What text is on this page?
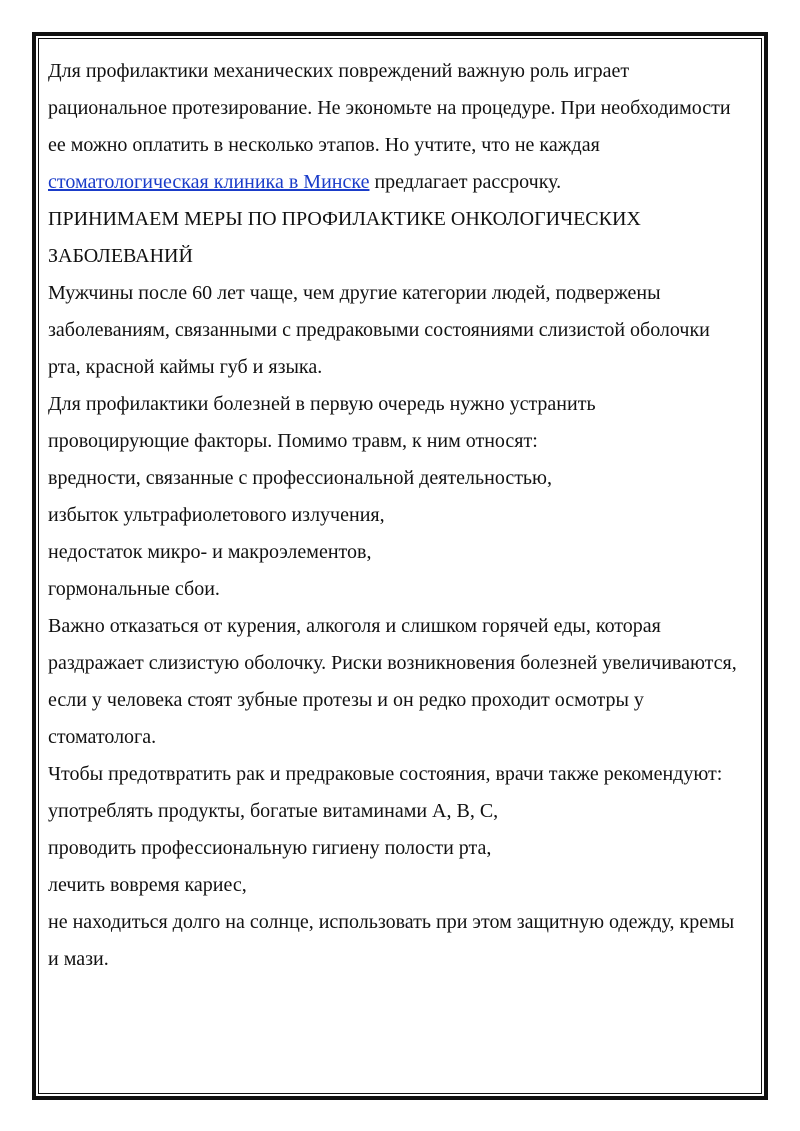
Для профилактики механических повреждений важную роль играет рациональное протезирование. Не экономьте на процедуре. При необходимости ее можно оплатить в несколько этапов. Но учтите, что не каждая стоматологическая клиника в Минске предлагает рассрочку.

ПРИНИМАЕМ МЕРЫ ПО ПРОФИЛАКТИКЕ ОНКОЛОГИЧЕСКИХ ЗАБОЛЕВАНИЙ

Мужчины после 60 лет чаще, чем другие категории людей, подвержены заболеваниям, связанными с предраковыми состояниями слизистой оболочки рта, красной каймы губ и языка.

Для профилактики болезней в первую очередь нужно устранить провоцирующие факторы. Помимо травм, к ним относят:

вредности, связанные с профессиональной деятельностью,

избыток ультрафиолетового излучения,

недостаток микро- и макроэлементов,

гормональные сбои.

Важно отказаться от курения, алкоголя и слишком горячей еды, которая раздражает слизистую оболочку. Риски возникновения болезней увеличиваются, если у человека стоят зубные протезы и он редко проходит осмотры у стоматолога.

Чтобы предотвратить рак и предраковые состояния, врачи также рекомендуют:

употреблять продукты, богатые витаминами А, В, С,

проводить профессиональную гигиену полости рта,

лечить вовремя кариес,

не находиться долго на солнце, использовать при этом защитную одежду, кремы и мази.
